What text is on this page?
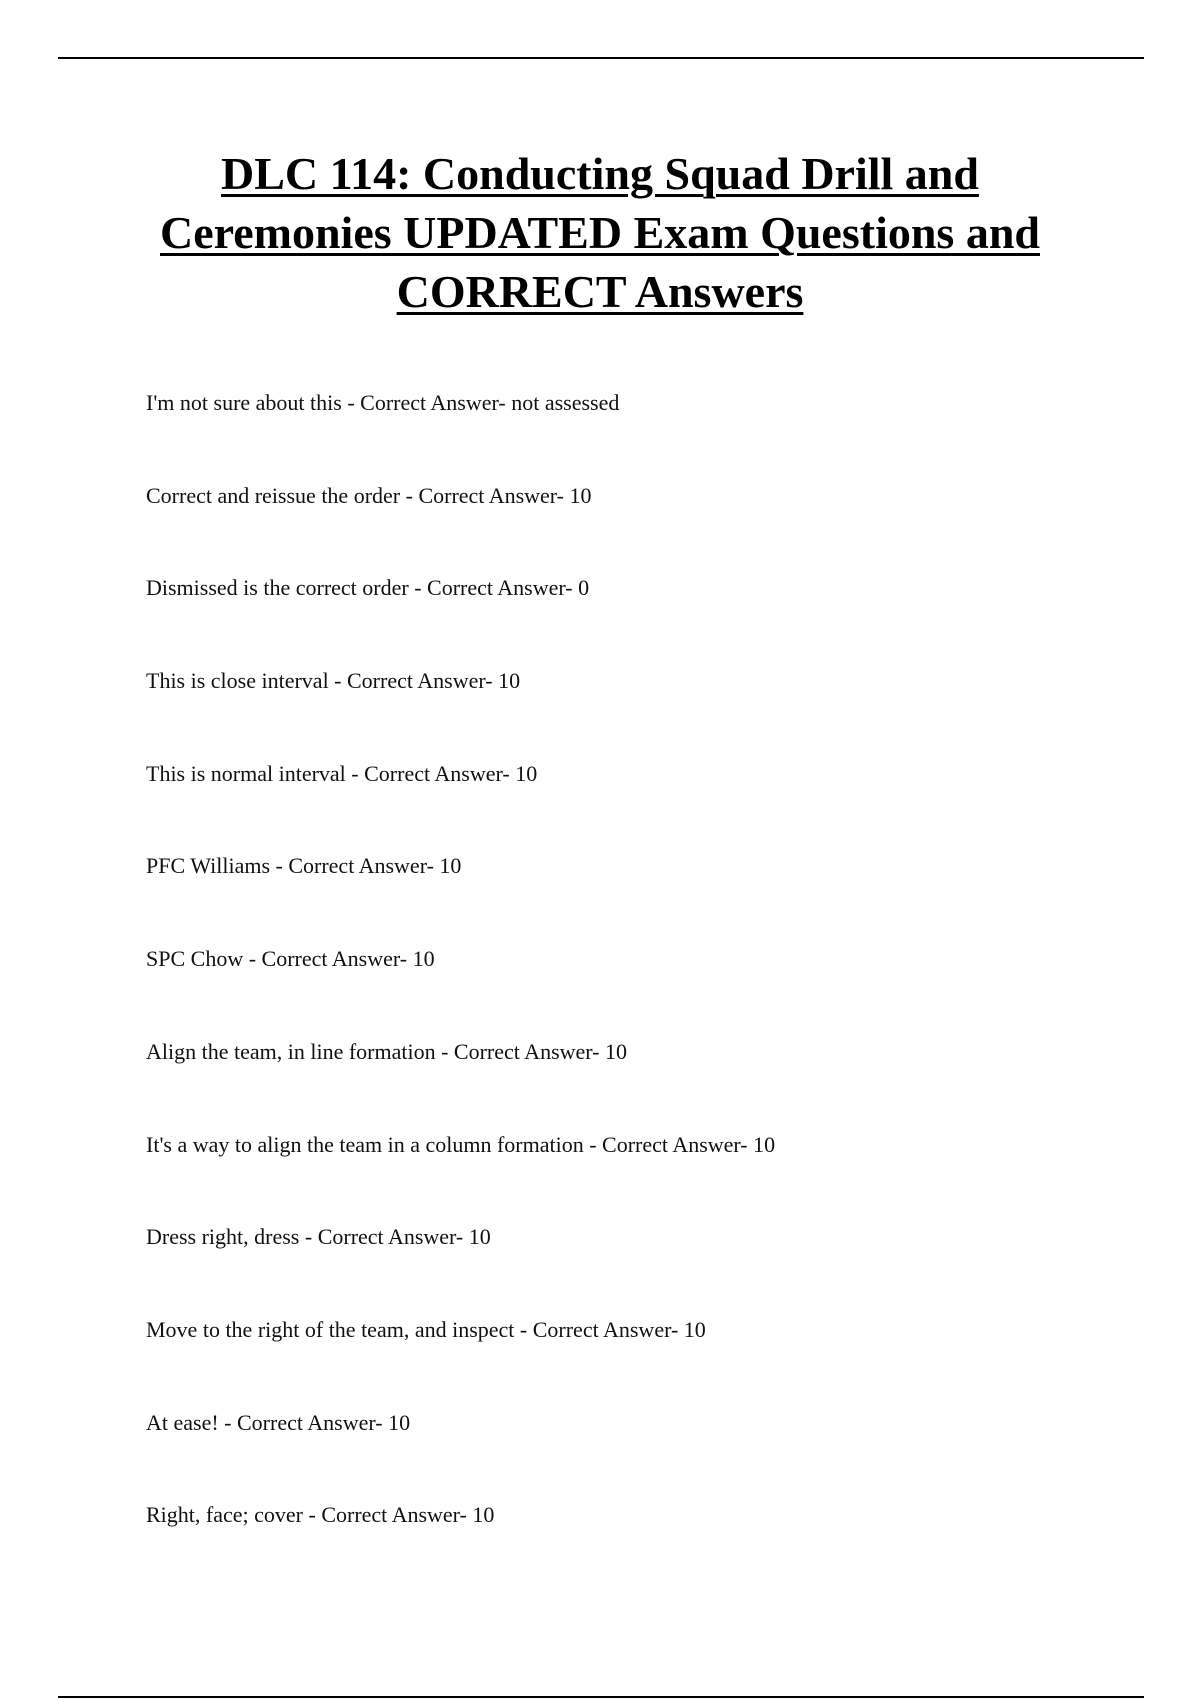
DLC 114: Conducting Squad Drill and Ceremonies UPDATED Exam Questions and CORRECT Answers
I'm not sure about this - Correct Answer- not assessed
Correct and reissue the order - Correct Answer- 10
Dismissed is the correct order - Correct Answer- 0
This is close interval - Correct Answer- 10
This is normal interval - Correct Answer- 10
PFC Williams - Correct Answer- 10
SPC Chow - Correct Answer- 10
Align the team, in line formation - Correct Answer- 10
It's a way to align the team in a column formation - Correct Answer- 10
Dress right, dress - Correct Answer- 10
Move to the right of the team, and inspect - Correct Answer- 10
At ease! - Correct Answer- 10
Right, face; cover - Correct Answer- 10
